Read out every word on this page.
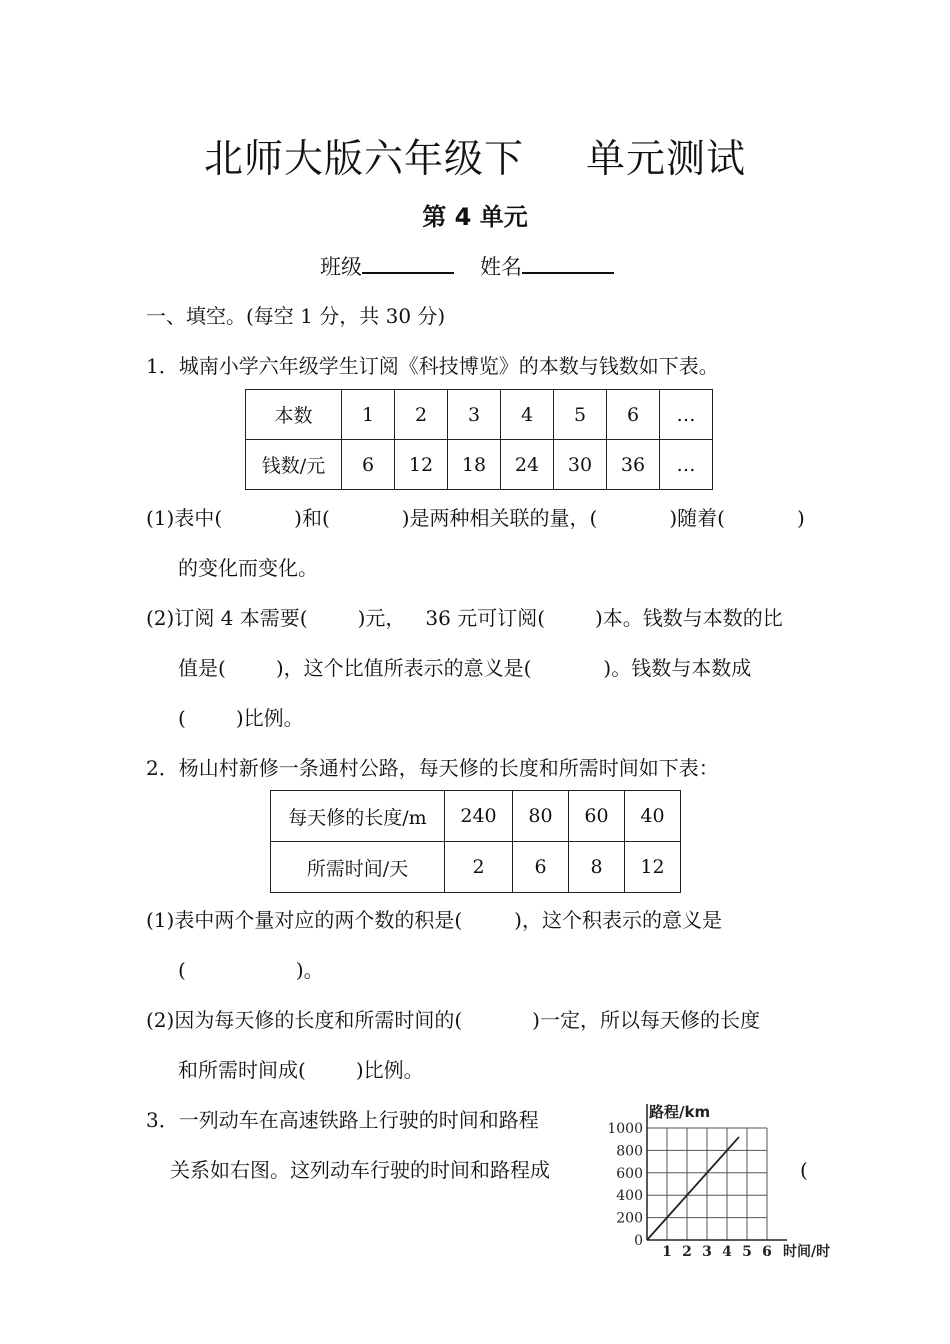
北师大版六年级下 单元测试
第 4 单元
班级	姓名
一、填空。(每空 1 分，共 30 分)
1．城南小学六年级学生订阅《科技博览》的本数与钱数如下表。
本数	1	2	3	4	5	6	…
钱数/元	6	12	18	24	30	36	…
(1)表中(	)和(	)是两种相关联的量，(	)随着(	)
的变化而变化。
(2)订阅 4 本需要(	)元， 36 元可订阅(	)本。钱数与本数的比
值是(	)，这个比值所表示的意义是(	)。钱数与本数成
(	)比例。
2．杨山村新修一条通村公路，每天修的长度和所需时间如下表：
每天修的长度/m	240	80	60	40
所需时间/天	2	6	8	12
(1)表中两个量对应的两个数的积是(	)，这个积表示的意义是
(	)。
(2)因为每天修的长度和所需时间的(	)一定，所以每天修的长度
和所需时间成(	)比例。
3．一列动车在高速铁路上行驶的时间和路程
关系如右图。这列动车行驶的时间和路程成	(
1 2 3 4 5 6
0
200
400
600
800
1000
路程/km
时间/时
